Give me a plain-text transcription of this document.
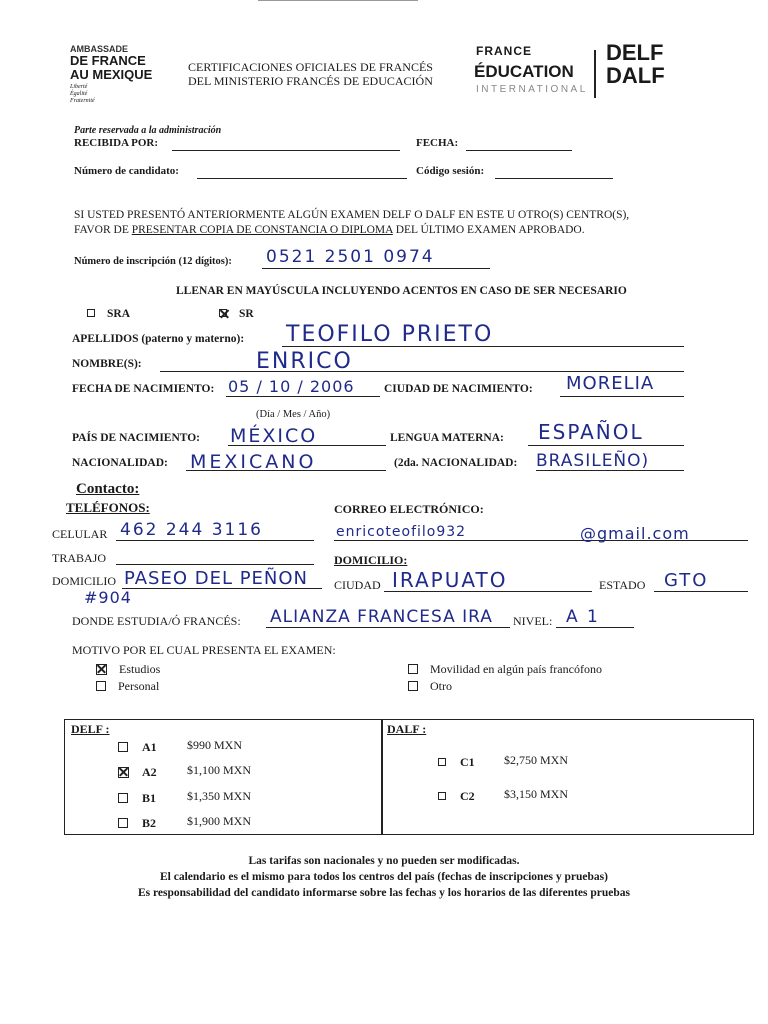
AMBASSADE
DE FRANCE
AU MEXIQUE
Liberté
Égalité
Fraternité
CERTIFICACIONES OFICIALES DE FRANCÉS
DEL MINISTERIO FRANCÉS DE EDUCACIÓN
FRANCE
ÉDUCATION
INTERNATIONAL
DELF
DALF
Parte reservada a la administración
RECIBIDA POR:	FECHA:
Número de candidato:	Código sesión:
SI USTED PRESENTÓ ANTERIORMENTE ALGÚN EXAMEN DELF O DALF EN ESTE U OTRO(S) CENTRO(S),
FAVOR DE PRESENTAR COPIA DE CONSTANCIA O DIPLOMA DEL ÚLTIMO EXAMEN APROBADO.
Número de inscripción (12 dígitos): 0521 2501 0974
LLENAR EN MAYÚSCULA INCLUYENDO ACENTOS EN CASO DE SER NECESARIO
SRA	SR
APELLIDOS (paterno y materno): TEOFILO PRIETO
NOMBRE(S):	ENRICO
FECHA DE NACIMIENTO: 05 / 10 / 2006	CIUDAD DE NACIMIENTO: MORELIA
(Día / Mes / Año)
PAÍS DE NACIMIENTO: MÉXICO	LENGUA MATERNA: ESPAÑOL
NACIONALIDAD: MEXICANO	(2da. NACIONALIDAD: BRASILEÑO)
Contacto:
TELÉFONOS:	CORREO ELECTRÓNICO:
CELULAR 462 244 3116	enricoteofilo932	@gmail.com
TRABAJO	DOMICILIO:
DOMICILIO PASEO DEL PEÑON
#904
CIUDAD IRAPUATO	ESTADO GTO
DONDE ESTUDIA/Ó FRANCÉS: ALIANZA FRANCESA IRA NIVEL: A 1
MOTIVO POR EL CUAL PRESENTA EL EXAMEN:
Estudios
Personal
Movilidad en algún país francófono
Otro
DELF :	DALF :
A1	$990 MXN
A2	$1,100 MXN
B1	$1,350 MXN
B2	$1,900 MXN
C1 $2,750 MXN
C2 $3,150 MXN
Las tarifas son nacionales y no pueden ser modificadas.
El calendario es el mismo para todos los centros del país (fechas de inscripciones y pruebas)
Es responsabilidad del candidato informarse sobre las fechas y los horarios de las diferentes pruebas
